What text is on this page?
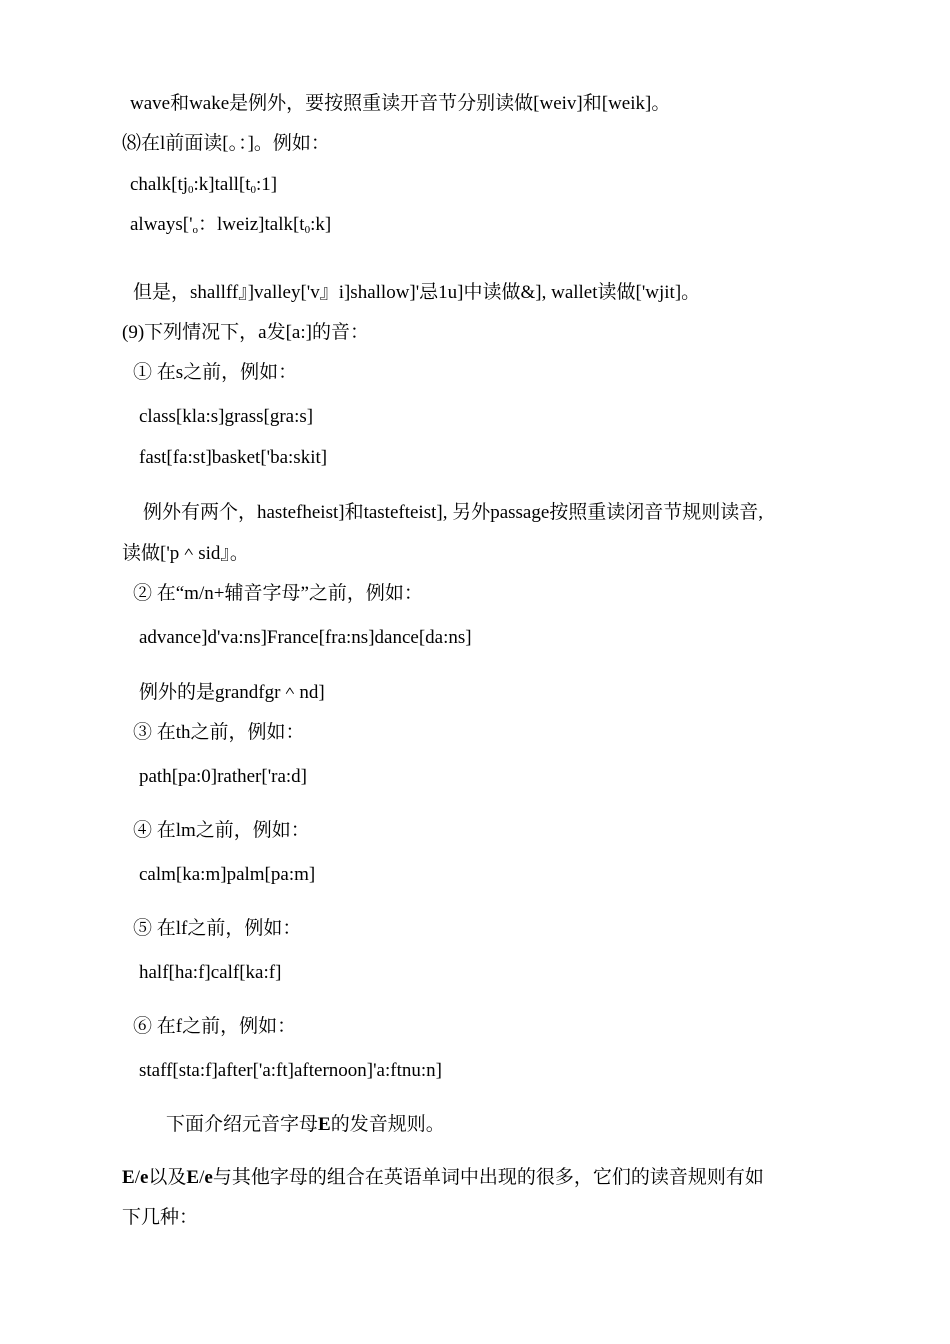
wave和wake是例外，要按照重读开音节分别读做[weiv]和[weik]。
⑻在l前面读[。：]。例如：
$chalk[tj_0:k]tall[t_0:1]$
$always['_o$：$lweiz]talk[t_0:k]$
但是，shallff』]valley['v』i]shallow]'忌1u]中读做&], wallet读做['wjit]。
(9)下列情况下，a发[a:]的音：
① 在s之前，例如：
class[kla:s]grass[gra:s]
fast[fa:st]basket['ba:skit]
例外有两个，hastefheist]和tastefteist], 另外passage按照重读闭音节规则读音,
读做['p＾sid』。
② 在“m/n+辅音字母”之前，例如：
advance]d'va:ns]France[fra:ns]dance[da:ns]
例外的是grandfgr＾nd]
③ 在th之前，例如：
path[pa:0]rather['ra:d]
④ 在lm之前，例如：
calm[ka:m]palm[pa:m]
⑤ 在lf之前，例如：
half[ha:f]calf[ka:f]
⑥ 在f之前，例如：
staff[sta:f]after['a:ft]afternoon]'a:ftnu:n]
下面介绍元音字母E的发音规则。
E/e以及E/e与其他字母的组合在英语单词中出现的很多，它们的读音规则有如
下几种：
